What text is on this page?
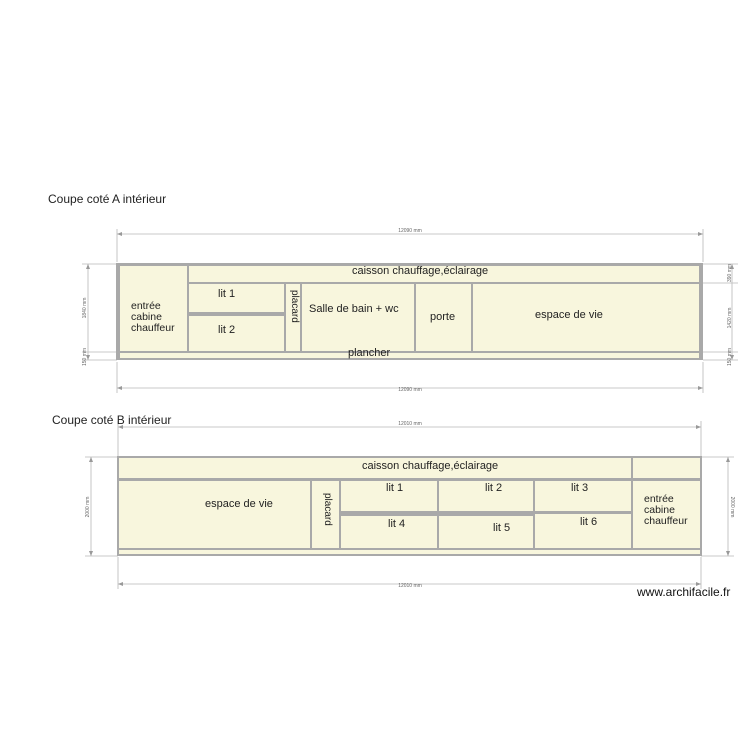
12090 mm
12090 mm
1840 mm
150 mm
390 mm
1420 mm
150 mm
12010 mm
12010 mm
2000 mm	2000 mm
Coupe coté A intérieur
caisson chauffage,éclairage
entrée cabine chauffeur
lit 1
lit 2
placard Salle de bain + wc
porte	espace de vie
plancher
Coupe coté B intérieur
caisson chauffage,éclairage
espace de vie	placard
lit 1	lit 2	lit 3
lit 4	lit 5	lit 6
entrée cabine chauffeur
www.archifacile.fr
